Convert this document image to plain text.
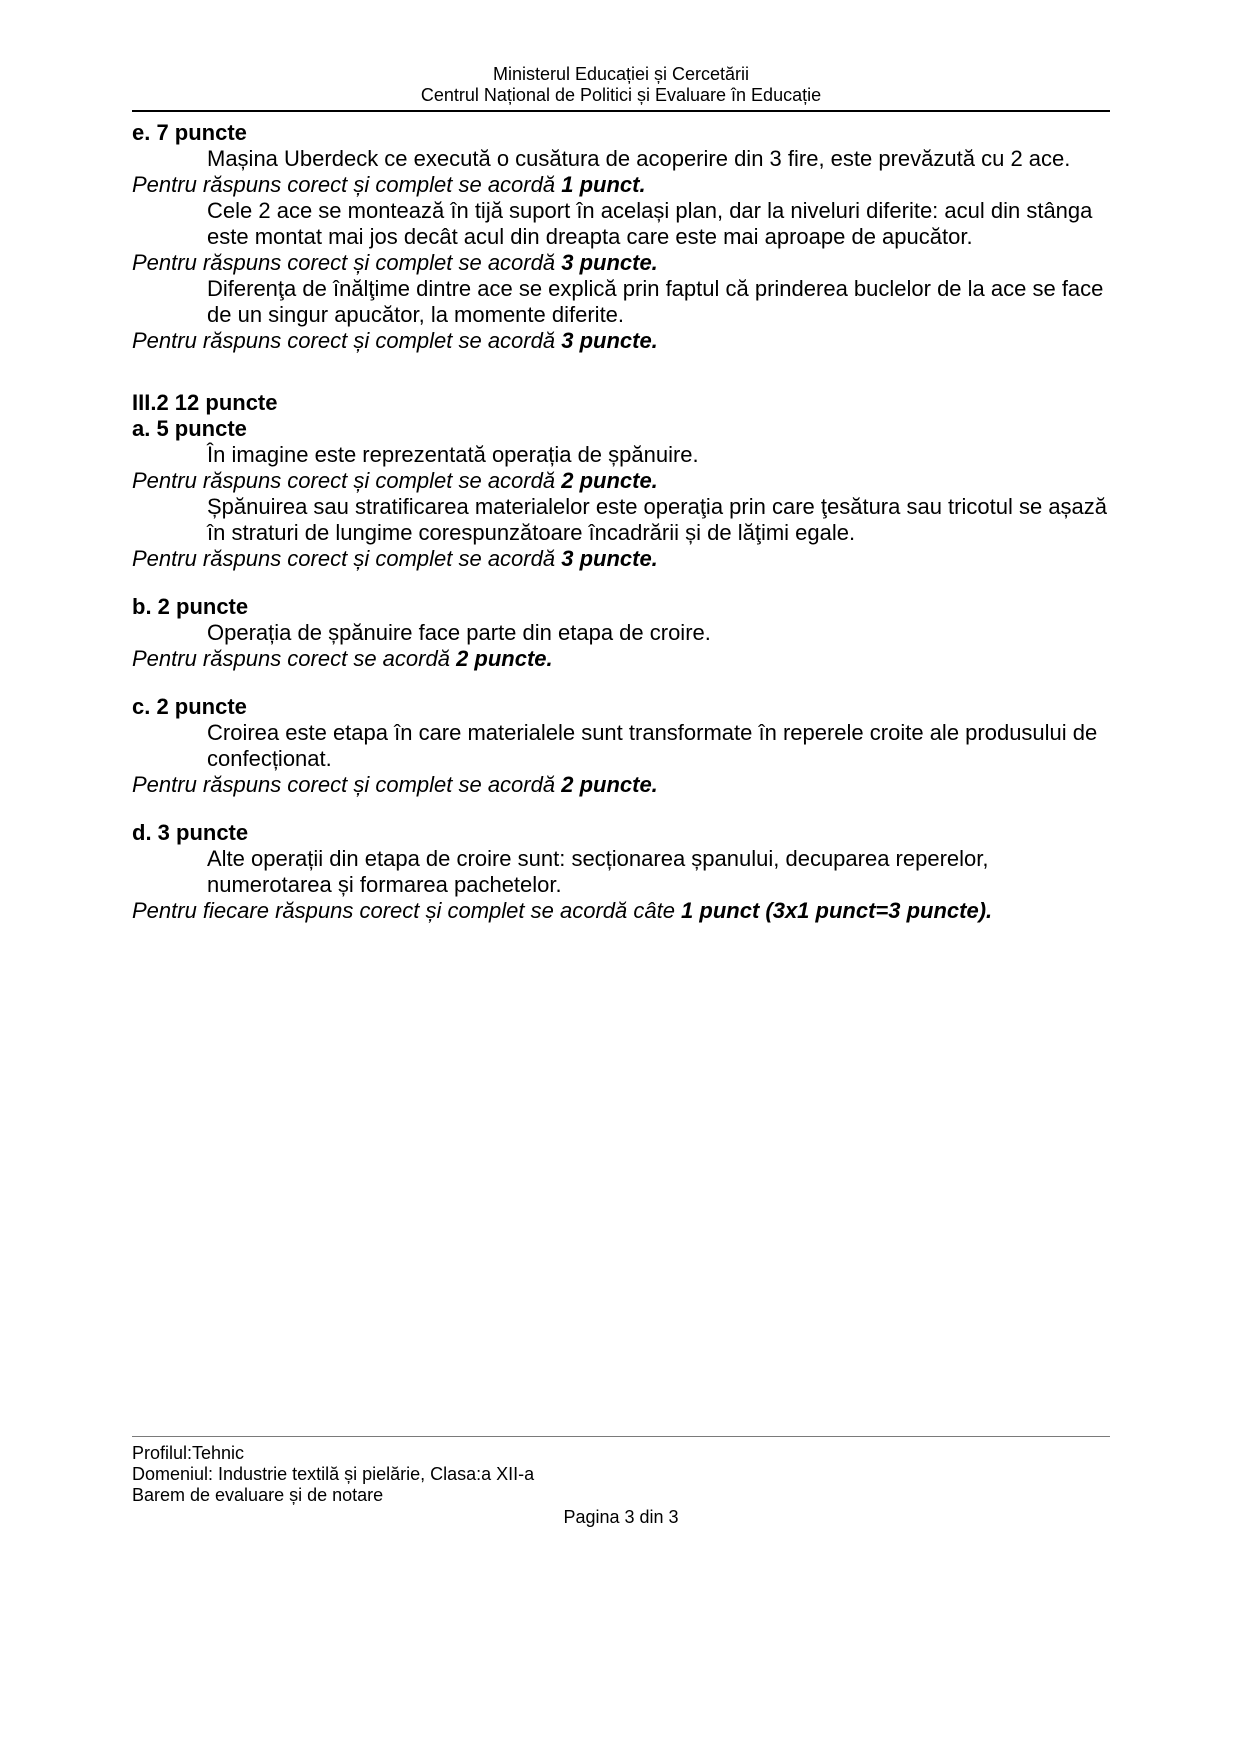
Ministerul Educației și Cercetării
Centrul Național de Politici și Evaluare în Educație
e. 7 puncte

Mașina Uberdeck ce execută o cusătura de acoperire din 3 fire, este prevăzută cu 2 ace.

Pentru răspuns corect și complet se acordă 1 punct.

Cele 2 ace se montează în tijă suport în același plan, dar la niveluri diferite: acul din stânga este montat mai jos decât acul din dreapta care este mai aproape de apucător.

Pentru răspuns corect și complet se acordă 3 puncte.

Diferenţa de înălţime dintre ace se explică prin faptul că prinderea buclelor de la ace se face de un singur apucător, la momente diferite.

Pentru răspuns corect și complet se acordă 3 puncte.

III.2 12 puncte
a. 5 puncte

În imagine este reprezentată operația de șpănuire.

Pentru răspuns corect și complet se acordă 2 puncte.

Șpănuirea sau stratificarea materialelor este operaţia prin care ţesătura sau tricotul se așază în straturi de lungime corespunzătoare încadrării și de lăţimi egale.

Pentru răspuns corect și complet se acordă 3 puncte.

b. 2 puncte

Operația de șpănuire face parte din etapa de croire.

Pentru răspuns corect se acordă 2 puncte.

c. 2 puncte

Croirea este etapa în care materialele sunt transformate în reperele croite ale produsului de confecționat.

Pentru răspuns corect și complet se acordă 2 puncte.

d. 3 puncte

Alte operații din etapa de croire sunt: secționarea șpanului, decuparea reperelor, numerotarea și formarea pachetelor.

Pentru fiecare răspuns corect și complet se acordă câte 1 punct (3x1 punct=3 puncte).

Profilul:Tehnic
Domeniul: Industrie textilă și pielărie, Clasa:a XII-a
Barem de evaluare și de notare
Pagina 3 din 3
